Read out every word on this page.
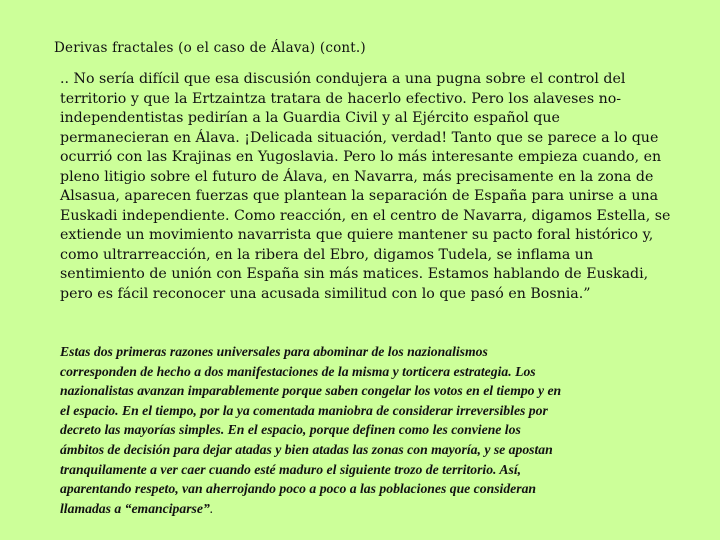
Derivas fractales (o el caso de Álava) (cont.)
.. No sería difícil que esa discusión condujera a una pugna sobre el control del
territorio y que la Ertzaintza tratara de hacerlo efectivo. Pero los alaveses no-
independentistas pedirían a la Guardia Civil y al Ejército español que
permanecieran en Álava. ¡Delicada situación, verdad! Tanto que se parece a lo que
ocurrió con las Krajinas en Yugoslavia. Pero lo más interesante empieza cuando, en
pleno litigio sobre el futuro de Álava, en Navarra, más precisamente en la zona de
Alsasua, aparecen fuerzas que plantean la separación de España para unirse a una
Euskadi independiente. Como reacción, en el centro de Navarra, digamos Estella, se
extiende un movimiento navarrista que quiere mantener su pacto foral histórico y,
como ultrarreacción, en la ribera del Ebro, digamos Tudela, se inflama un
sentimiento de unión con España sin más matices. Estamos hablando de Euskadi,
pero es fácil reconocer una acusada similitud con lo que pasó en Bosnia.”
Estas dos primeras razones universales para abominar de los nazionalismos
corresponden de hecho a dos manifestaciones de la misma y torticera estrategia. Los
nazionalistas avanzan imparablemente porque saben congelar los votos en el tiempo y en
el espacio. En el tiempo, por la ya comentada maniobra de considerar irreversibles por
decreto las mayorías simples. En el espacio, porque definen como les conviene los
ámbitos de decisión para dejar atadas y bien atadas las zonas con mayoría, y se apostan
tranquilamente a ver caer cuando esté maduro el siguiente trozo de territorio. Así,
aparentando respeto, van aherrojando poco a poco a las poblaciones que consideran
llamadas a “emanciparse”.
